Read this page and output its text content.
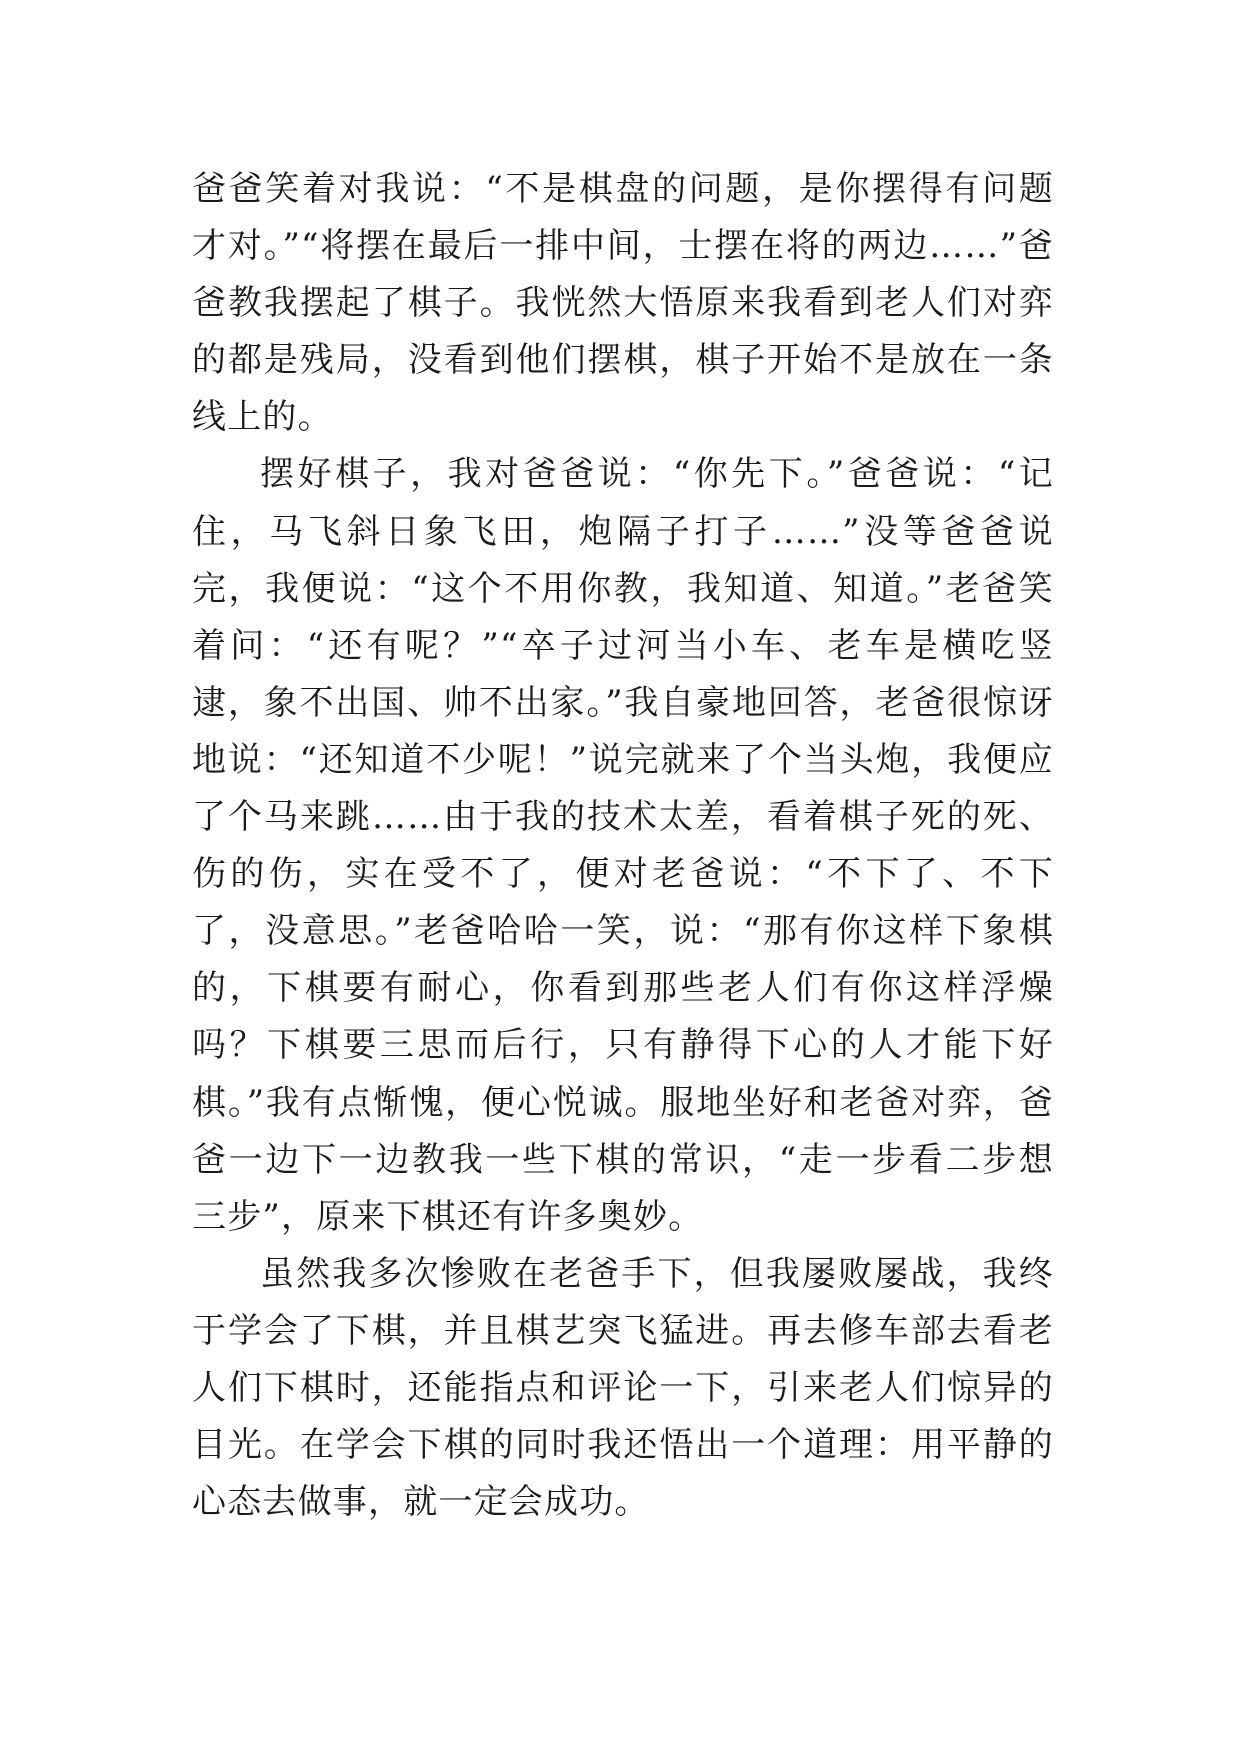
爸爸笑着对我说：“不是棋盘的问题，是你摆得有问题才对。”“将摆在最后一排中间，士摆在将的两边……”爸爸教我摆起了棋子。我恍然大悟原来我看到老人们对弈的都是残局，没看到他们摆棋，棋子开始不是放在一条线上的。

摆好棋子，我对爸爸说：“你先下。”爸爸说：“记住，马飞斜日象飞田，炮隔子打子……”没等爸爸说完，我便说：“这个不用你教，我知道、知道。”老爸笑着问：“还有呢？”“卒子过河当小车、老车是横吃竖逮，象不出国、帅不出家。”我自豪地回答，老爸很惊讶地说：“还知道不少呢！”说完就来了个当头炮，我便应了个马来跳……由于我的技术太差，看着棋子死的死、伤的伤，实在受不了，便对老爸说：“不下了、不下了，没意思。”老爸哈哈一笑，说：“那有你这样下象棋的，下棋要有耐心，你看到那些老人们有你这样浮燥吗？下棋要三思而后行，只有静得下心的人才能下好棋。”我有点惭愧，便心悦诚。服地坐好和老爸对弈，爸爸一边下一边教我一些下棋的常识，“走一步看二步想三步”，原来下棋还有许多奥妙。

虽然我多次惨败在老爸手下，但我屡败屡战，我终于学会了下棋，并且棋艺突飞猛进。再去修车部去看老人们下棋时，还能指点和评论一下，引来老人们惊异的目光。在学会下棋的同时我还悟出一个道理：用平静的心态去做事，就一定会成功。
